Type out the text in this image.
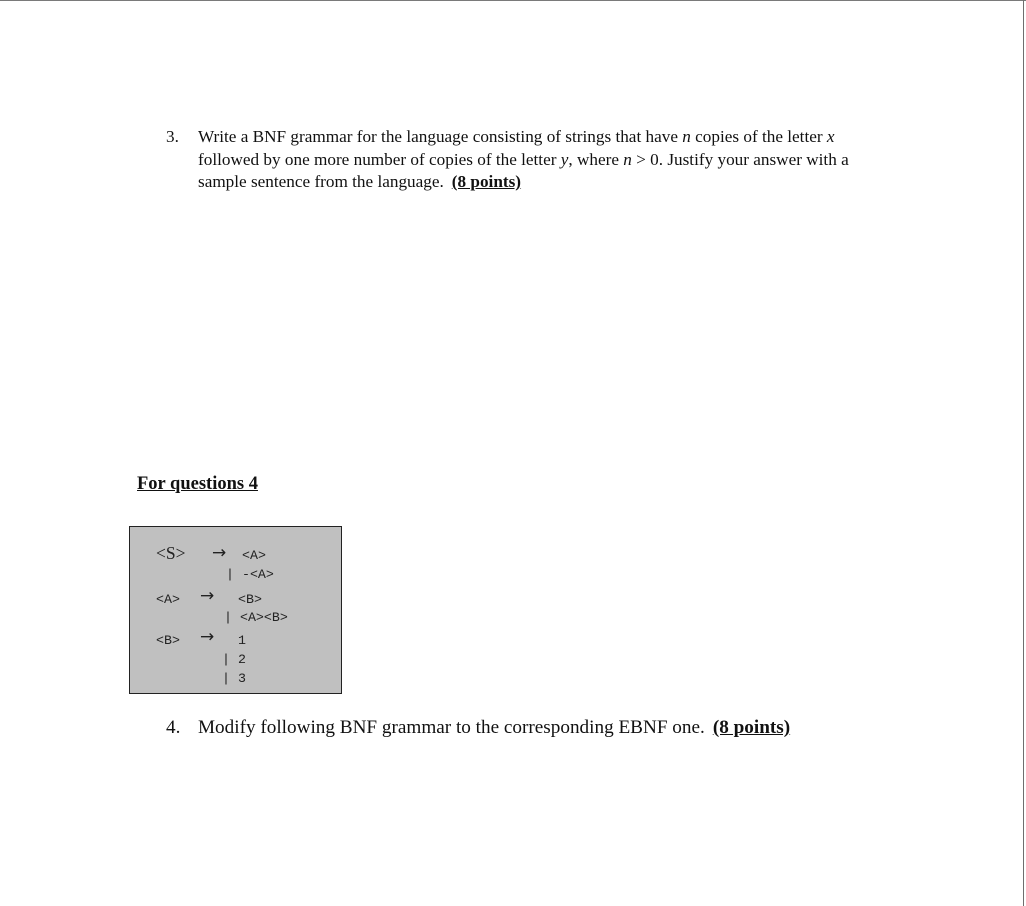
3. Write a BNF grammar for the language consisting of strings that have n copies of the letter x followed by one more number of copies of the letter y, where n > 0. Justify your answer with a sample sentence from the language. (8 points)
For questions 4
<S> → <A>
| -<A>
<A> → <B>
| <A><B>
<B> → 1
| 2
| 3
4. Modify following BNF grammar to the corresponding EBNF one. (8 points)
